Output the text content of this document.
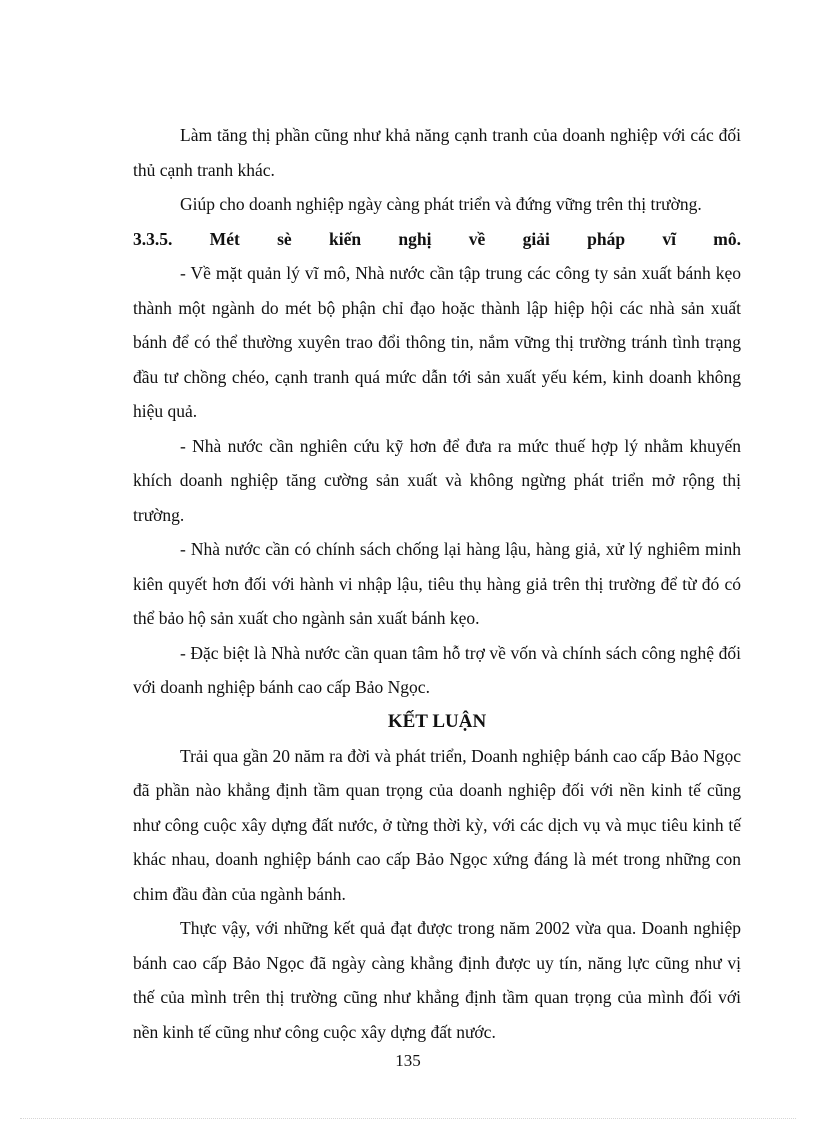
Làm tăng thị phần cũng như khả năng cạnh tranh của doanh nghiệp với các đối thủ cạnh tranh khác.

Giúp cho doanh nghiệp ngày càng phát triển và đứng vững trên thị trường.

3.3.5. Mét sè kiến nghị về giải pháp vĩ mô.

- Về mặt quản lý vĩ mô, Nhà nước cần tập trung các công ty sản xuất bánh kẹo thành một ngành do mét bộ phận chỉ đạo hoặc thành lập hiệp hội các nhà sản xuất bánh để có thể thường xuyên trao đổi thông tin, nắm vững thị trường tránh tình trạng đầu tư chồng chéo, cạnh tranh quá mức dẫn tới sản xuất yếu kém, kinh doanh không hiệu quả.

- Nhà nước cần nghiên cứu kỹ hơn để đưa ra mức thuế hợp lý nhằm khuyến khích doanh nghiệp tăng cường sản xuất và không ngừng phát triển mở rộng thị trường.

- Nhà nước cần có chính sách chống lại hàng lậu, hàng giả, xử lý nghiêm minh kiên quyết hơn đối với hành vi nhập lậu, tiêu thụ hàng giả trên thị trường để từ đó có thể bảo hộ sản xuất cho ngành sản xuất bánh kẹo.

- Đặc biệt là Nhà nước cần quan tâm hỗ trợ về vốn và chính sách công nghệ đối với doanh nghiệp bánh cao cấp Bảo Ngọc.

KẾT LUẬN

Trải qua gần 20 năm ra đời và phát triển, Doanh nghiệp bánh cao cấp Bảo Ngọc đã phần nào khẳng định tầm quan trọng của doanh nghiệp đối với nền kinh tế cũng như công cuộc xây dựng đất nước, ở từng thời kỳ, với các dịch vụ và mục tiêu kinh tế khác nhau, doanh nghiệp bánh cao cấp Bảo Ngọc xứng đáng là mét trong những con chim đầu đàn của ngành bánh.

Thực vậy, với những kết quả đạt được trong năm 2002 vừa qua. Doanh nghiệp bánh cao cấp Bảo Ngọc đã ngày càng khẳng định được uy tín, năng lực cũng như vị thế của mình trên thị trường cũng như khẳng định tầm quan trọng của mình đối với nền kinh tế cũng như công cuộc xây dựng đất nước.

135
